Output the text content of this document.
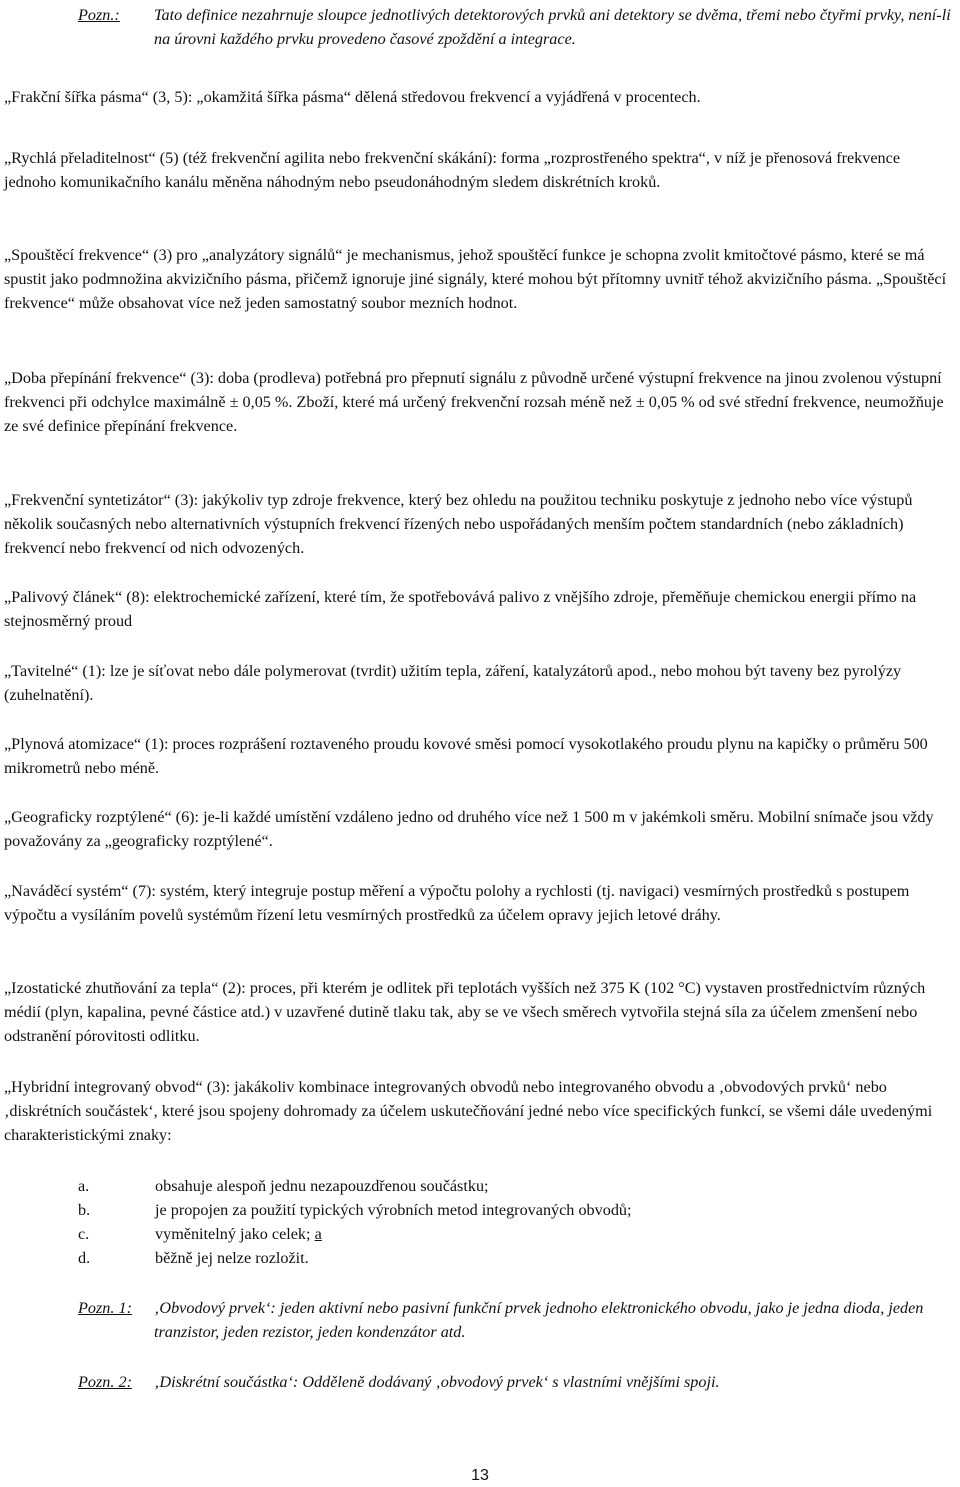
Pozn.: Tato definice nezahrnuje sloupce jednotlivých detektorových prvků ani detektory se dvěma, třemi nebo čtyřmi prvky, není-li na úrovni každého prvku provedeno časové zpoždění a integrace.

„Frakční šířka pásma“ (3, 5): „okamžitá šířka pásma“ dělená středovou frekvencí a vyjádřená v procentech.

„Rychlá přeladitelnost“ (5) (též frekvenční agilita nebo frekvenční skákání): forma „rozprostřeného spektra“, v níž je přenosová frekvence jednoho komunikačního kanálu měněna náhodným nebo pseudonáhodným sledem diskrétních kroků.

„Spouštěcí frekvence“ (3) pro „analyzátory signálů“ je mechanismus, jehož spouštěcí funkce je schopna zvolit kmitočtové pásmo, které se má spustit jako podmnožina akvizičního pásma, přičemž ignoruje jiné signály, které mohou být přítomny uvnitř téhož akvizičního pásma. „Spouštěcí frekvence“ může obsahovat více než jeden samostatný soubor mezních hodnot.

„Doba přepínání frekvence“ (3): doba (prodleva) potřebná pro přepnutí signálu z původně určené výstupní frekvence na jinou zvolenou výstupní frekvenci při odchylce maximálně ± 0,05 %. Zboží, které má určený frekvenční rozsah méně než ± 0,05 % od své střední frekvence, neumožňuje ze své definice přepínání frekvence.

„Frekvenční syntetizátor“ (3): jakýkoliv typ zdroje frekvence, který bez ohledu na použitou techniku poskytuje z jednoho nebo více výstupů několik současných nebo alternativních výstupních frekvencí řízených nebo uspořádaných menším počtem standardních (nebo základních) frekvencí nebo frekvencí od nich odvozených.

„Palivový článek“ (8): elektrochemické zařízení, které tím, že spotřebovává palivo z vnějšího zdroje, přeměňuje chemickou energii přímo na stejnosměrný proud

„Tavitelné“ (1): lze je síťovat nebo dále polymerovat (tvrdit) užitím tepla, záření, katalyzátorů apod., nebo mohou být taveny bez pyrolýzy (zuhelnatění).

„Plynová atomizace“ (1): proces rozprášení roztaveného proudu kovové směsi pomocí vysokotlakého proudu plynu na kapičky o průměru 500 mikrometrů nebo méně.

„Geograficky rozptýlené“ (6): je-li každé umístění vzdáleno jedno od druhého více než 1 500 m v jakémkoli směru. Mobilní snímače jsou vždy považovány za „geograficky rozptýlené“.

„Naváděcí systém“ (7): systém, který integruje postup měření a výpočtu polohy a rychlosti (tj. navigaci) vesmírných prostředků s postupem výpočtu a vysíláním povelů systémům řízení letu vesmírných prostředků za účelem opravy jejich letové dráhy.

„Izostatické zhutňování za tepla“ (2): proces, při kterém je odlitek při teplotách vyšších než 375 K (102 °C) vystaven prostřednictvím různých médií (plyn, kapalina, pevné částice atd.) v uzavřené dutině tlaku tak, aby se ve všech směrech vytvořila stejná síla za účelem zmenšení nebo odstranění pórovitosti odlitku.

„Hybridní integrovaný obvod“ (3): jakákoliv kombinace integrovaných obvodů nebo integrovaného obvodu a ‚obvodových prvků‘ nebo ‚diskrétních součástek‘, které jsou spojeny dohromady za účelem uskutečňování jedné nebo více specifických funkcí, se všemi dále uvedenými charakteristickými znaky:

a.	obsahuje alespoň jednu nezapouzdřenou součástku;
b.	je propojen za použití typických výrobních metod integrovaných obvodů;
c.	vyměnitelný jako celek; a
d.	běžně jej nelze rozložit.
Pozn. 1: ‚Obvodový prvek‘: jeden aktivní nebo pasivní funkční prvek jednoho elektronického obvodu, jako je jedna dioda, jeden tranzistor, jeden rezistor, jeden kondenzátor atd.
Pozn. 2: ‚Diskrétní součástka‘: Odděleně dodávaný ‚obvodový prvek‘ s vlastními vnějšími spoji.
13
